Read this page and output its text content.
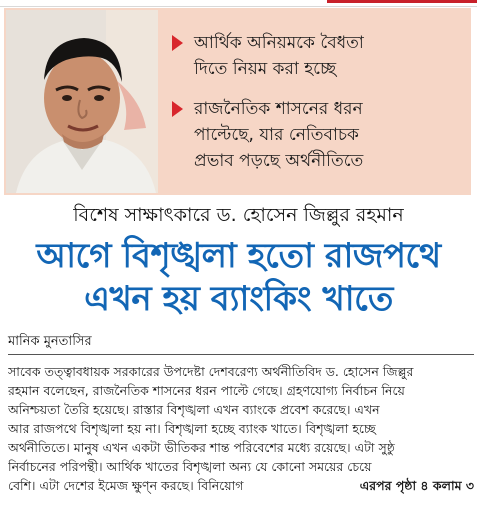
আর্থিক অনিয়মকে বৈধতা
দিতে নিয়ম করা হচ্ছে
রাজনৈতিক শাসনের ধরন
পাল্টেছে, যার নেতিবাচক
প্রভাব পড়ছে অর্থনীতিতে
বিশেষ সাক্ষাৎকারে ড. হোসেন জিল্লুর রহমান
আগে বিশৃঙ্খলা হতো রাজপথে
এখন হয় ব্যাংকিং খাতে
মানিক মুনতাসির
সাবেক তত্ত্বাবধায়ক সরকারের উপদেষ্টা দেশবরেণ্য অর্থনীতিবিদ ড. হোসেন জিল্লুর
রহমান বলেছেন, রাজনৈতিক শাসনের ধরন পাল্টে গেছে। গ্রহণযোগ্য নির্বাচন নিয়ে
অনিশ্চয়তা তৈরি হয়েছে। রাস্তার বিশৃঙ্খলা এখন ব্যাংকে প্রবেশ করেছে। এখন
আর রাজপথে বিশৃঙ্খলা হয় না। বিশৃঙ্খলা হচ্ছে ব্যাংক খাতে। বিশৃঙ্খলা হচ্ছে
অর্থনীতিতে। মানুষ এখন একটা ভীতিকর শান্ত পরিবেশের মধ্যে রয়েছে। এটা সুষ্ঠু
নির্বাচনের পরিপন্থী। আর্থিক খাতের বিশৃঙ্খলা অন্য যে কোনো সময়ের চেয়ে
বেশি। এটা দেশের ইমেজ ক্ষুণ্ন করছে। বিনিয়োগ	এরপর পৃষ্ঠা ৪ কলাম ৩
